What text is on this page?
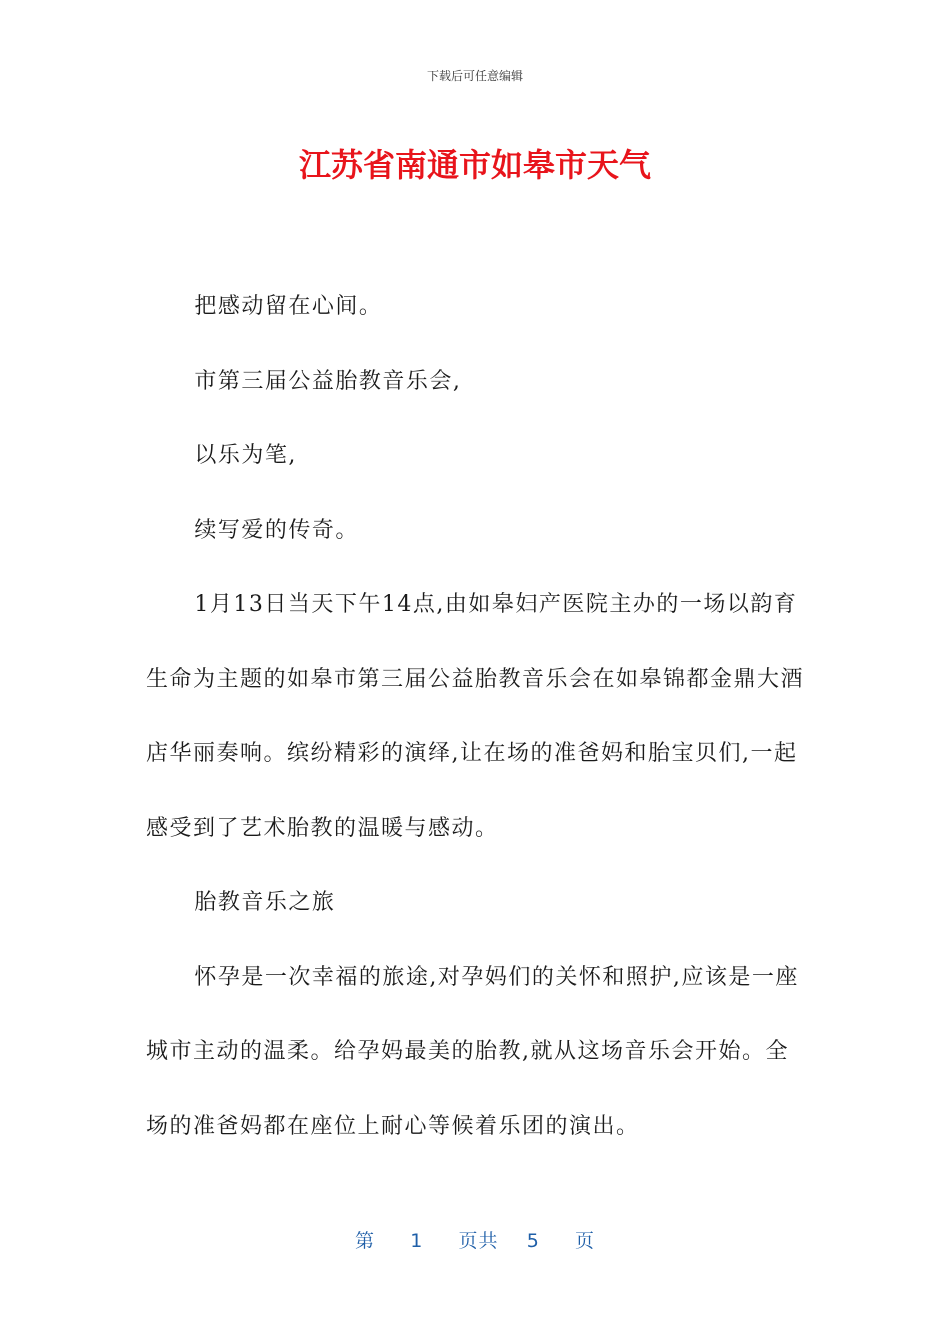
下载后可任意编辑
江苏省南通市如皋市天气

把感动留在心间。

市第三届公益胎教音乐会,

以乐为笔,

续写爱的传奇。

1月13日当天下午14点,由如皋妇产医院主办的一场以韵育生命为主题的如皋市第三届公益胎教音乐会在如皋锦都金鼎大酒店华丽奏响。缤纷精彩的演绎,让在场的准爸妈和胎宝贝们,一起感受到了艺术胎教的温暖与感动。

胎教音乐之旅

怀孕是一次幸福的旅途,对孕妈们的关怀和照护,应该是一座城市主动的温柔。给孕妈最美的胎教,就从这场音乐会开始。全场的准爸妈都在座位上耐心等候着乐团的演出。

第 1 页共 5 页
